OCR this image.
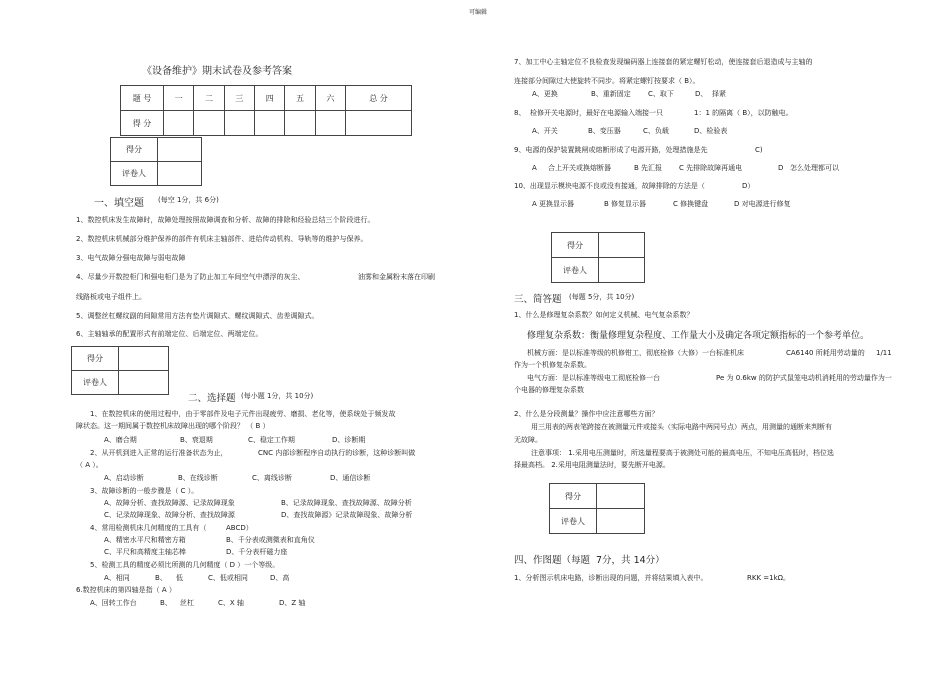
可编辑
《设备维护》期末试卷及参考答案
题 号	一	二	三	四	五	六	总 分
得 分							
得分	
评卷人	
一、填空题 (每空 1分，共 6分)
1、数控机床发生故障时，故障处理按照故障调查和分析、故障的排除和经验总结三个阶段进行。
2、数控机床机械部分维护保养的部件有机床主轴部件、进给传动机构、导轨等的维护与保养。
3、电气故障分强电故障与弱电故障
4、尽量少开数控柜门和强电柜门是为了防止加工车间空气中漂浮的灰尘、	油雾和金属粉末落在印刷
线路板或电子组件上。
5、调整丝杠螺纹副的间隙常用方法有垫片调隙式、螺纹调隙式、齿差调隙式。
6、主轴轴承的配置形式有前端定位、后端定位、两端定位。
得分	
评卷人	
二、选择题 (每小题 1分，共 10分)
1、在数控机床的使用过程中，由于零部件及电子元件出现疲劳、磨损、老化等，使系统处于频发故
障状态。这一期间属于数控机床故障出现的哪个阶段？ （ B ）
A、磨合期	B、衰退期	C、稳定工作期	D、诊断期
2、从开机到进入正常的运行准备状态为止，	CNC 内部诊断程序自动执行的诊断，这种诊断叫做
（ A ）。
A、启动诊断	B、在线诊断	C、离线诊断	D、通信诊断
3、故障诊断的一般步骤是（ C ）。
A、故障分析、查找故障源、记录故障现象	B、记录故障现象、查找故障源、故障分析
C、记录故障现象、故障分析、查找故障源	D、查找故障源》记录故障现象、故障分析
4、常用检测机床几何精度的工具有（	ABCD）
A、精密水平尺和精密方箱	B、千分表或测微表和直角仪
C、平尺和高精度主轴芯棒	D、千分表杆磁力座
5、检测工具的精度必须比所测的几何精度（ D ）一个等级。
A、相同	B、 低	C、低或相同	D、高
6.数控机床的第四轴是指（ A ）
A、回转工作台	B、 丝杠	C、X 轴	D、Z 轴
7、加工中心主轴定位不良检查发现编码器上连接套的紧定螺钉松动，使连接套后退造成与主轴的
连接部分间隙过大使旋转不同步。将紧定螺钉按要求（ B）。
A、更换	B、重新固定 C、取下	D、 择紧
8、 检修开关电源时，最好在电源输入端接一只	1：1 的隔离（ B），以防触电。
A、开关	B、变压器	C、负载	D、检验表
9、电源的保护装置跳闸或熔断形成了电源开路，处理措施是先	C)
A 合上开关或换熔断器	B 先汇报 C 先排除故障再通电	D 怎么处理都可以
10、出现显示模块电源不良或没有接通，故障排除的方法是（	D）
A 更换显示器	B 修复显示器	C 修换键盘	D 对电源进行修复
得分	
评卷人	
三、简答题 (每题 5分，共 10分)
1、什么是修理复杂系数？如何定义机械、电气复杂系数？
修理复杂系数：衡量修理复杂程度、工作量大小及确定各项定额指标的一个参考单位。
机械方面：是以标准等级的机修钳工，彻底检修（大修）一台标准机床	CA6140 所耗用劳动量的 1/11
作为一个机修复杂系数。
电气方面：是以标准等级电工彻底检修一台	Pe 为 0.6kw 的防护式鼠笼电动机消耗用的劳动量作为一
个电器的修理复杂系数
2、什么是分段测量？操作中应注意哪些方面？
用三用表的两表笔跨接在被测量元件或接头（实际电路中两同号点）两点，用测量的通断来判断有
无故障。
注意事项： 1.采用电压测量时，所选量程要高于被测处可能的最高电压，不知电压高低时，档位选
择最高档。 2.采用电阻测量法时，要先断开电源。
得分	
评卷人	
四、作图题（每题 7分，共 14分）
1、分析图示机床电路，诊断出现的问题，并将结果填入表中。	RKK =1kΩ。
